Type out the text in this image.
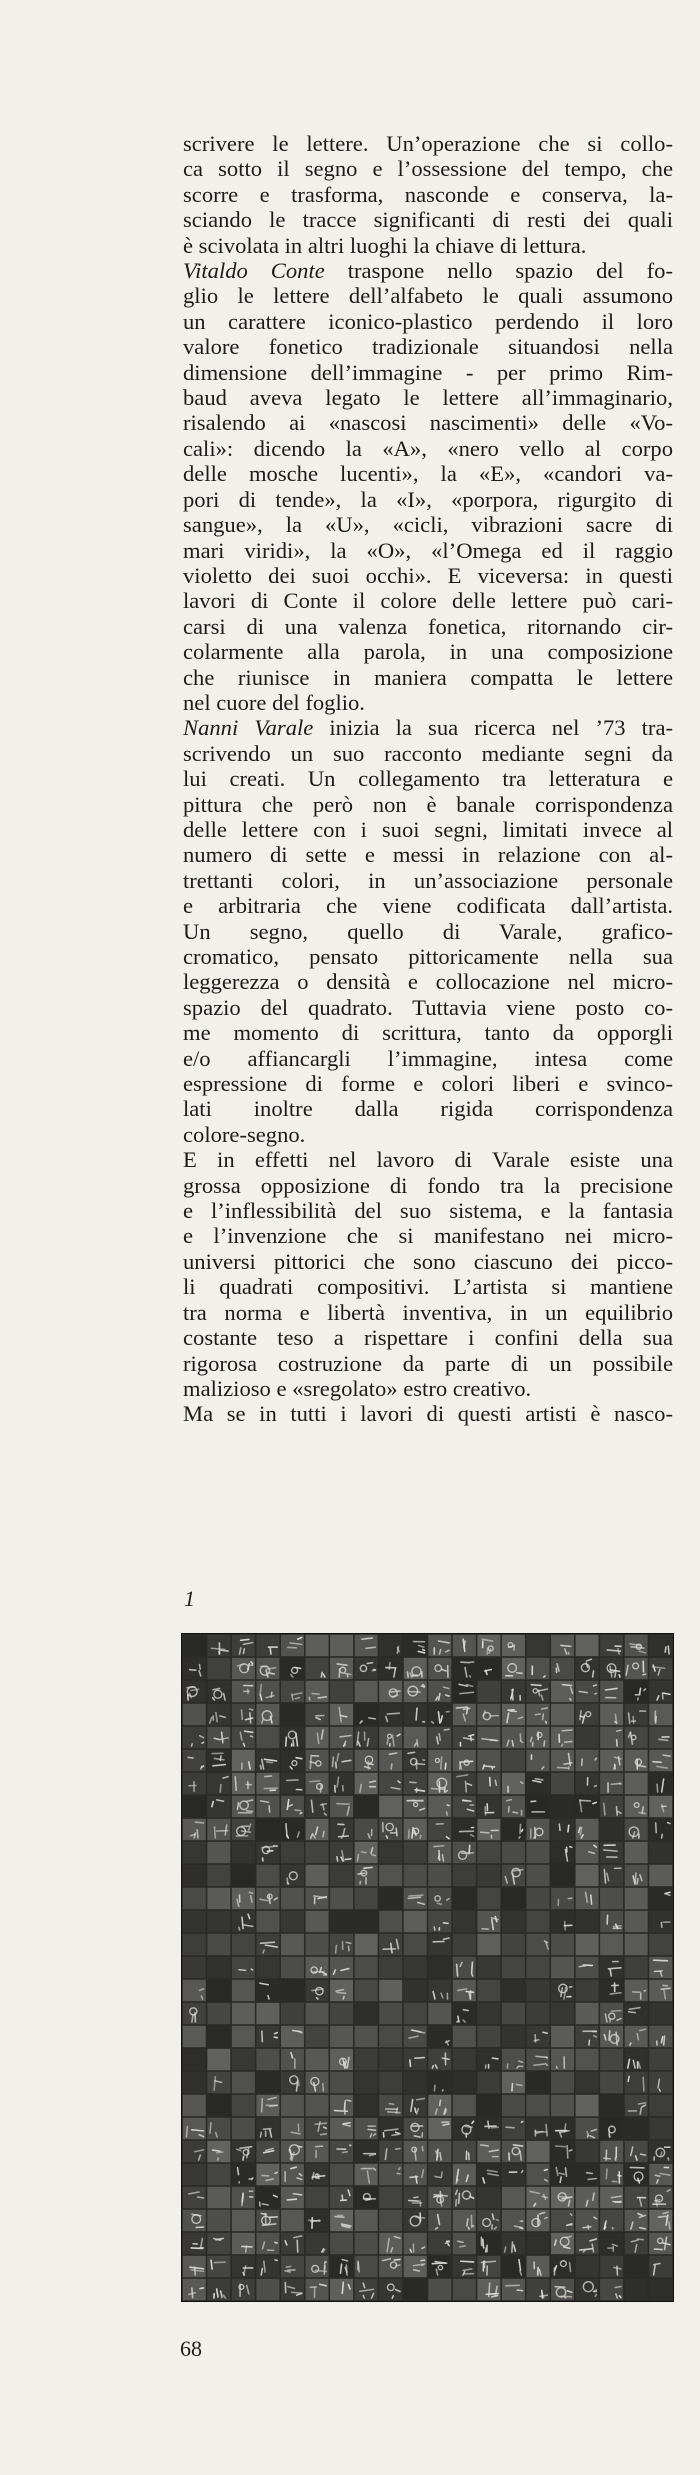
scrivere le lettere. Un’operazione che si collo-
ca sotto il segno e l’ossessione del tempo, che
scorre e trasforma, nasconde e conserva, la-
sciando le tracce significanti di resti dei quali
è scivolata in altri luoghi la chiave di lettura.
Vitaldo Conte traspone nello spazio del fo-
glio le lettere dell’alfabeto le quali assumono
un carattere iconico-plastico perdendo il loro
valore fonetico tradizionale situandosi nella
dimensione dell’immagine - per primo Rim-
baud aveva legato le lettere all’immaginario,
risalendo ai «nascosi nascimenti» delle «Vo-
cali»: dicendo la «A», «nero vello al corpo
delle mosche lucenti», la «E», «candori va-
pori di tende», la «I», «porpora, rigurgito di
sangue», la «U», «cicli, vibrazioni sacre di
mari viridi», la «O», «l’Omega ed il raggio
violetto dei suoi occhi». E viceversa: in questi
lavori di Conte il colore delle lettere può cari-
carsi di una valenza fonetica, ritornando cir-
colarmente alla parola, in una composizione
che riunisce in maniera compatta le lettere
nel cuore del foglio.
Nanni Varale inizia la sua ricerca nel ’73 tra-
scrivendo un suo racconto mediante segni da
lui creati. Un collegamento tra letteratura e
pittura che però non è banale corrispondenza
delle lettere con i suoi segni, limitati invece al
numero di sette e messi in relazione con al-
trettanti colori, in un’associazione personale
e arbitraria che viene codificata dall’artista.
Un segno, quello di Varale, grafico-
cromatico, pensato pittoricamente nella sua
leggerezza o densità e collocazione nel micro-
spazio del quadrato. Tuttavia viene posto co-
me momento di scrittura, tanto da opporgli
e/o affiancargli l’immagine, intesa come
espressione di forme e colori liberi e svinco-
lati inoltre dalla rigida corrispondenza
colore-segno.
E in effetti nel lavoro di Varale esiste una
grossa opposizione di fondo tra la precisione
e l’inflessibilità del suo sistema, e la fantasia
e l’invenzione che si manifestano nei micro-
universi pittorici che sono ciascuno dei picco-
li quadrati compositivi. L’artista si mantiene
tra norma e libertà inventiva, in un equilibrio
costante teso a rispettare i confini della sua
rigorosa costruzione da parte di un possibile
malizioso e «sregolato» estro creativo.
Ma se in tutti i lavori di questi artisti è nasco-
1
68
